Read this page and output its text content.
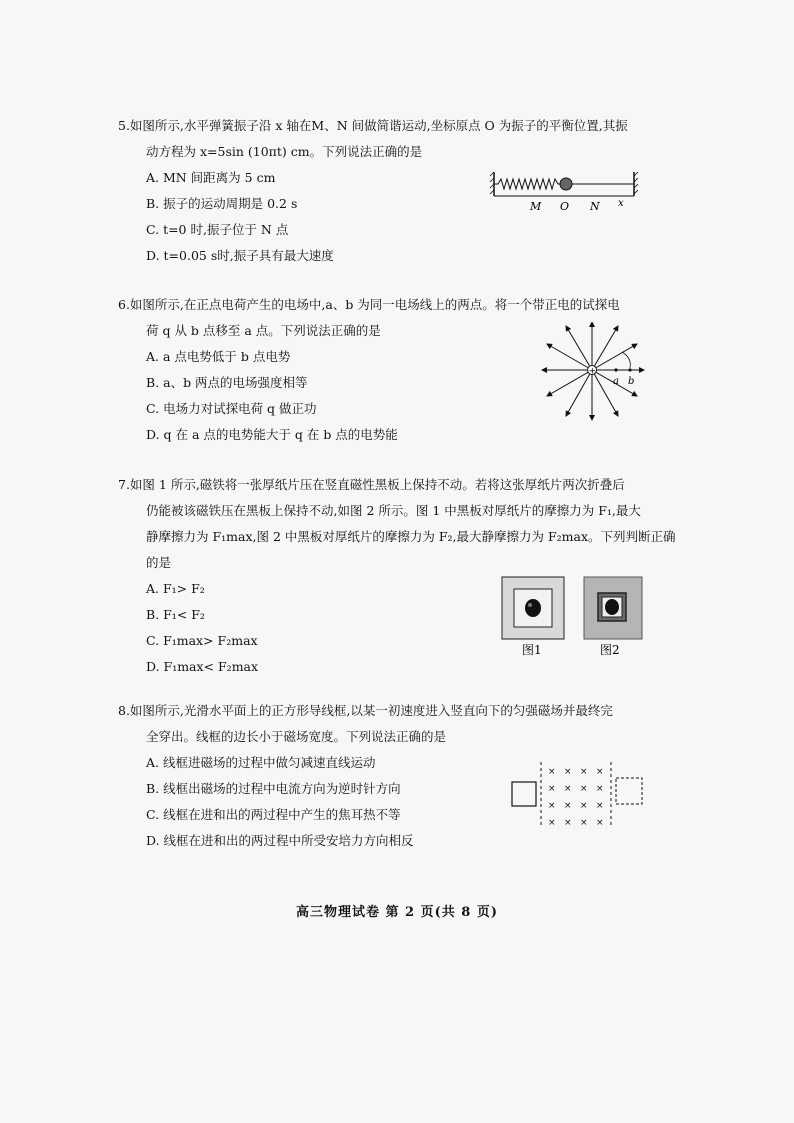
5.如图所示,水平弹簧振子沿 x 轴在M、N 间做简谐运动,坐标原点 O 为振子的平衡位置,其振
动方程为 x=5sin (10πt) cm。下列说法正确的是
A. MN 间距离为 5 cm
B. 振子的运动周期是 0.2 s
C. t=0 时,振子位于 N 点
D. t=0.05 s时,振子具有最大速度
M O N x
6.如图所示,在正点电荷产生的电场中,a、b 为同一电场线上的两点。将一个带正电的试探电
荷 q 从 b 点移至 a 点。下列说法正确的是
A. a 点电势低于 b 点电势
B. a、b 两点的电场强度相等
C. 电场力对试探电荷 q 做正功
D. q 在 a 点的电势能大于 q 在 b 点的电势能
+
a b
7.如图 1 所示,磁铁将一张厚纸片压在竖直磁性黑板上保持不动。若将这张厚纸片两次折叠后
仍能被该磁铁压在黑板上保持不动,如图 2 所示。图 1 中黑板对厚纸片的摩擦力为 F₁,最大
静摩擦力为 F₁max,图 2 中黑板对厚纸片的摩擦力为 F₂,最大静摩擦力为 F₂max。下列判断正确
的是
A. F₁> F₂
B. F₁< F₂
C. F₁max> F₂max
D. F₁max< F₂max
图1	图2
8.如图所示,光滑水平面上的正方形导线框,以某一初速度进入竖直向下的匀强磁场并最终完
全穿出。线框的边长小于磁场宽度。下列说法正确的是
A. 线框进磁场的过程中做匀减速直线运动
B. 线框出磁场的过程中电流方向为逆时针方向
C. 线框在进和出的两过程中产生的焦耳热不等
D. 线框在进和出的两过程中所受安培力方向相反
× × × ×
× × × ×
× × × ×
× × × ×
高三物理试卷 第 2 页(共 8 页)
